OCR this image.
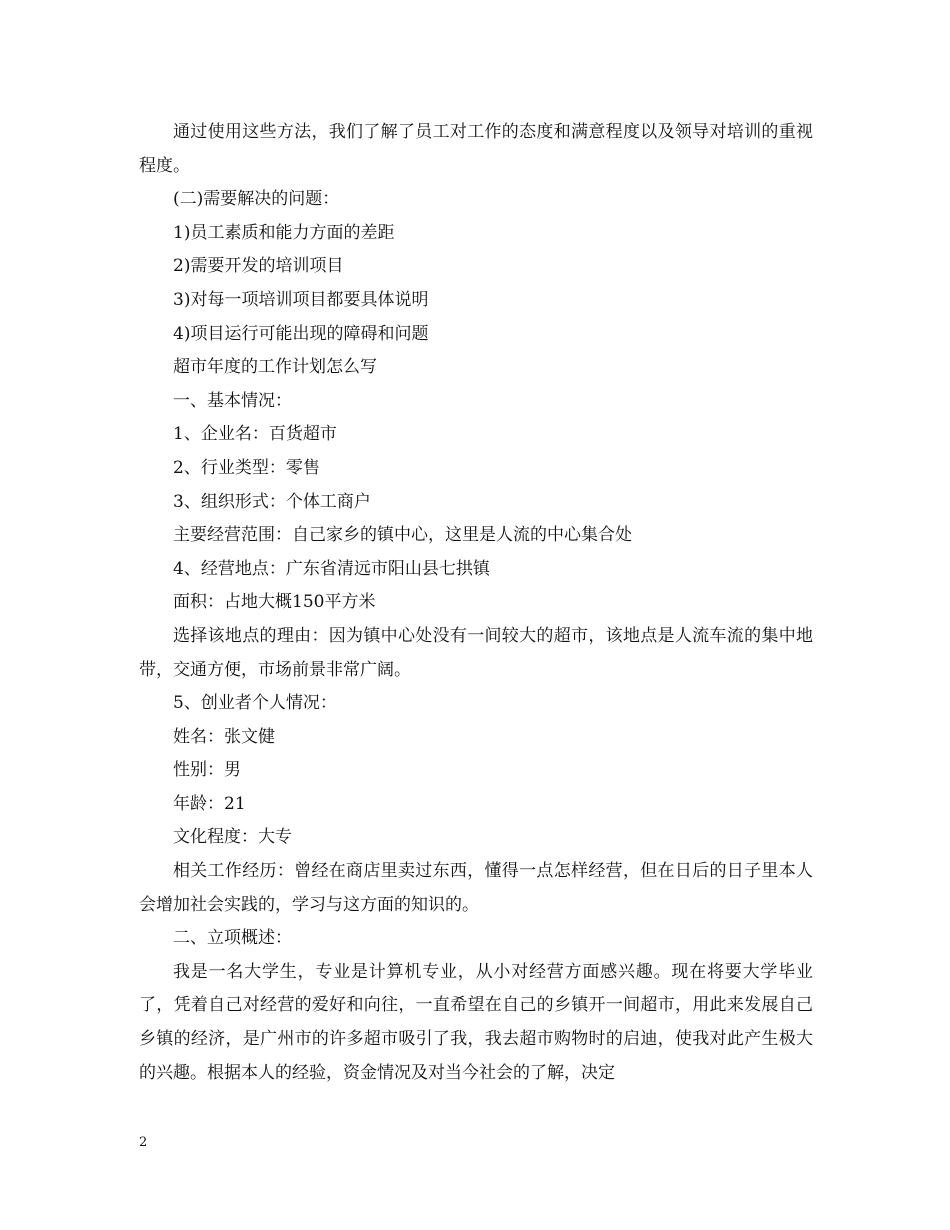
通过使用这些方法，我们了解了员工对工作的态度和满意程度以及领导对培训的重视程度。

(二)需要解决的问题：

1)员工素质和能力方面的差距

2)需要开发的培训项目

3)对每一项培训项目都要具体说明

4)项目运行可能出现的障碍和问题

超市年度的工作计划怎么写

一、基本情况：

1、企业名：百货超市

2、行业类型：零售

3、组织形式：个体工商户

主要经营范围：自己家乡的镇中心，这里是人流的中心集合处

4、经营地点：广东省清远市阳山县七拱镇

面积：占地大概150平方米

选择该地点的理由：因为镇中心处没有一间较大的超市，该地点是人流车流的集中地带，交通方便，市场前景非常广阔。

5、创业者个人情况：

姓名：张文健

性别：男

年龄：21

文化程度：大专

相关工作经历：曾经在商店里卖过东西，懂得一点怎样经营，但在日后的日子里本人会增加社会实践的，学习与这方面的知识的。

二、立项概述：

我是一名大学生，专业是计算机专业，从小对经营方面感兴趣。现在将要大学毕业了，凭着自己对经营的爱好和向往，一直希望在自己的乡镇开一间超市，用此来发展自己乡镇的经济，是广州市的许多超市吸引了我，我去超市购物时的启迪，使我对此产生极大的兴趣。根据本人的经验，资金情况及对当今社会的了解，决定

2
